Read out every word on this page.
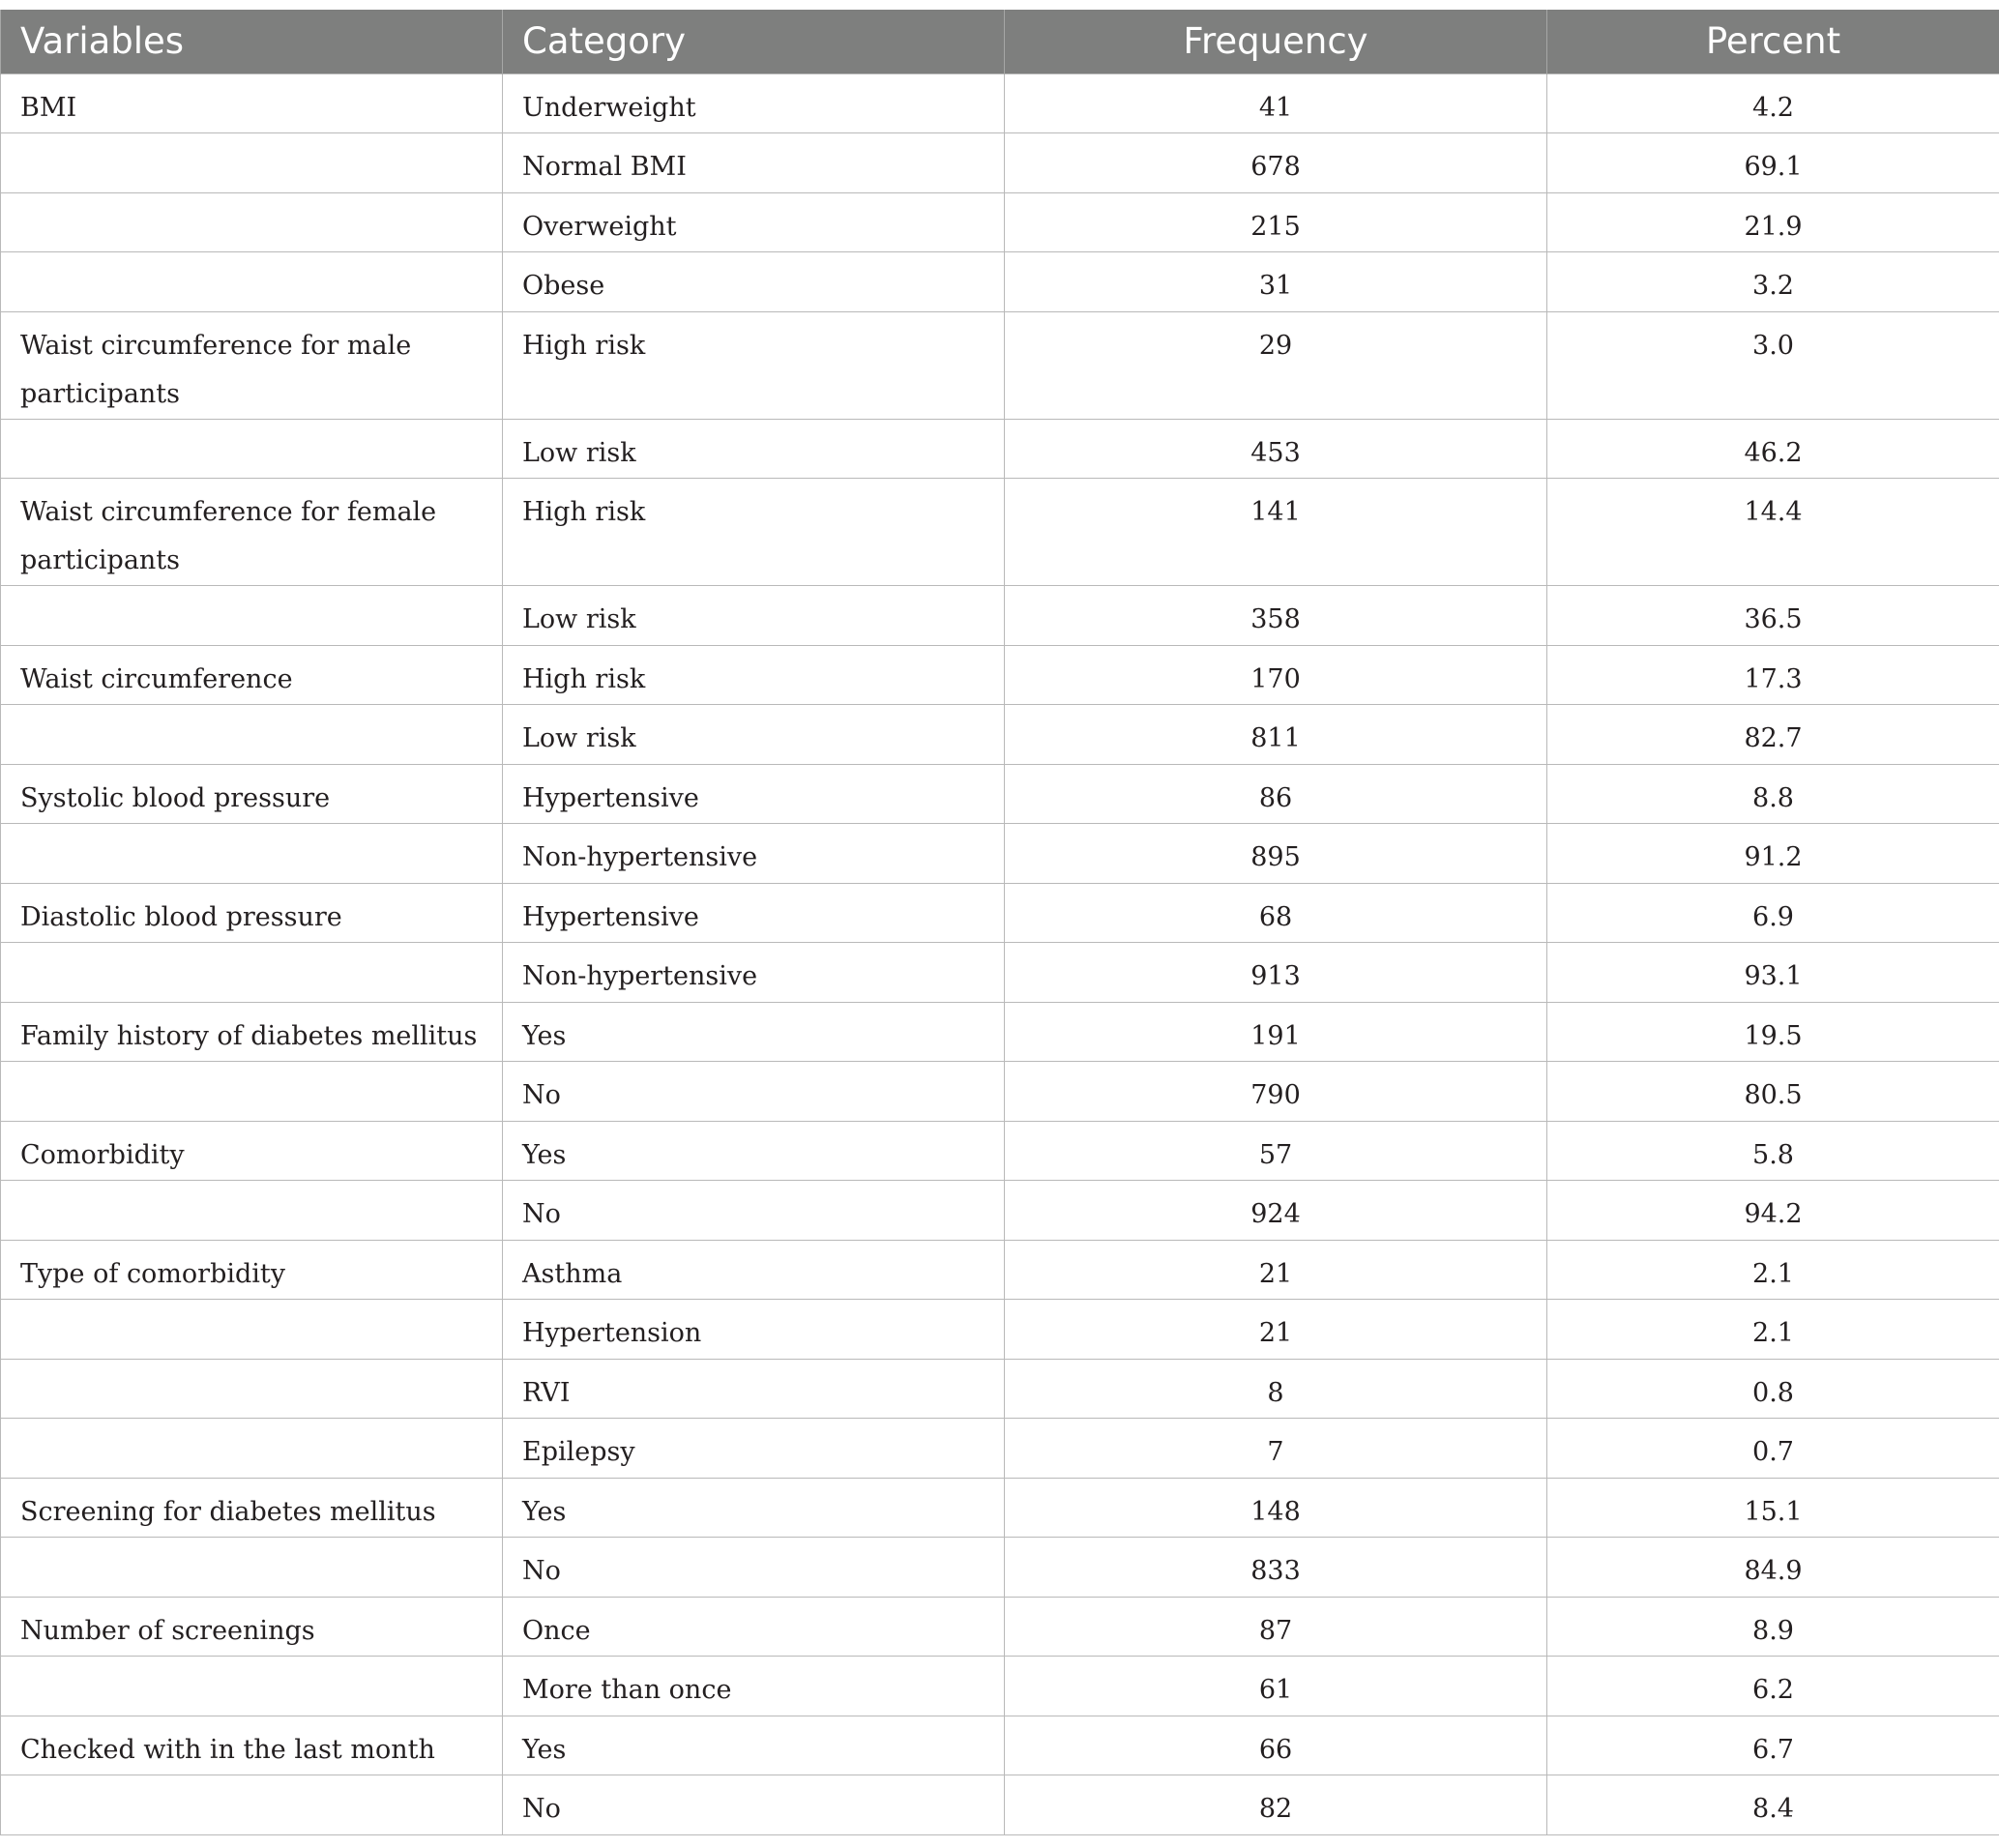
Variables	Category	Frequency	Percent
BMI	Underweight	41	4.2
	Normal BMI	678	69.1
	Overweight	215	21.9
	Obese	31	3.2
Waist circumference for male participants	High risk	29	3.0
	Low risk	453	46.2
Waist circumference for female participants	High risk	141	14.4
	Low risk	358	36.5
Waist circumference	High risk	170	17.3
	Low risk	811	82.7
Systolic blood pressure	Hypertensive	86	8.8
	Non-hypertensive	895	91.2
Diastolic blood pressure	Hypertensive	68	6.9
	Non-hypertensive	913	93.1
Family history of diabetes mellitus	Yes	191	19.5
	No	790	80.5
Comorbidity	Yes	57	5.8
	No	924	94.2
Type of comorbidity	Asthma	21	2.1
	Hypertension	21	2.1
	RVI	8	0.8
	Epilepsy	7	0.7
Screening for diabetes mellitus	Yes	148	15.1
	No	833	84.9
Number of screenings	Once	87	8.9
	More than once	61	6.2
Checked with in the last month	Yes	66	6.7
	No	82	8.4
